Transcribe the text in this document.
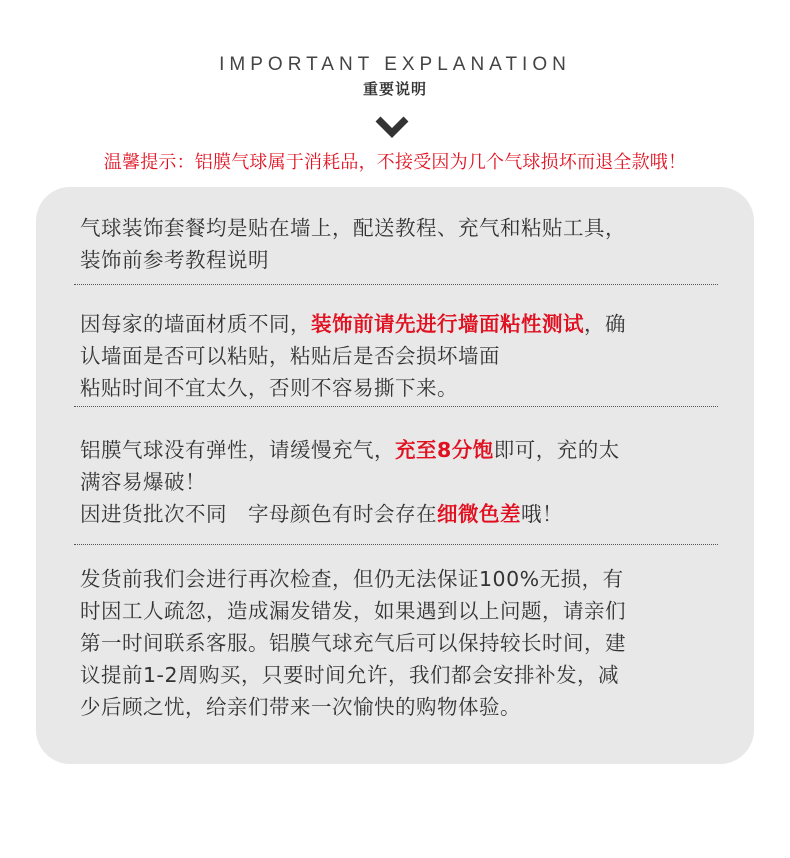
IMPORTANT EXPLANATION
重要说明
温馨提示：铝膜气球属于消耗品，不接受因为几个气球损坏而退全款哦！
气球装饰套餐均是贴在墙上，配送教程、充气和粘贴工具，
装饰前参考教程说明
因每家的墙面材质不同，装饰前请先进行墙面粘性测试，确
认墙面是否可以粘贴，粘贴后是否会损坏墙面
粘贴时间不宜太久，否则不容易撕下来。
铝膜气球没有弹性，请缓慢充气，充至8分饱即可，充的太
满容易爆破！
因进货批次不同　字母颜色有时会存在细微色差哦！
发货前我们会进行再次检查，但仍无法保证100%无损，有
时因工人疏忽，造成漏发错发，如果遇到以上问题，请亲们
第一时间联系客服。铝膜气球充气后可以保持较长时间，建
议提前1-2周购买，只要时间允许，我们都会安排补发，减
少后顾之忧，给亲们带来一次愉快的购物体验。
